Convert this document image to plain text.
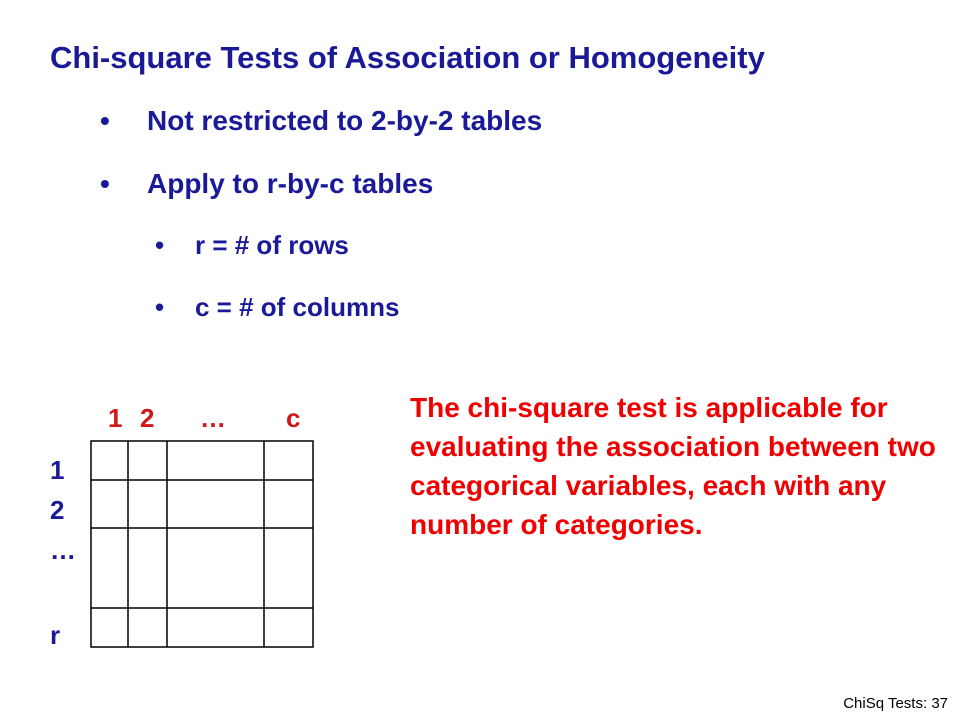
Chi-square Tests of Association or Homogeneity
• Not restricted to 2-by-2 tables
• Apply to r-by-c tables
• r = # of rows
• c = # of columns
1 2 … c
1
2
…
r
The chi-square test is applicable for evaluating the association between two categorical variables, each with any number of categories.
ChiSq Tests: 37
